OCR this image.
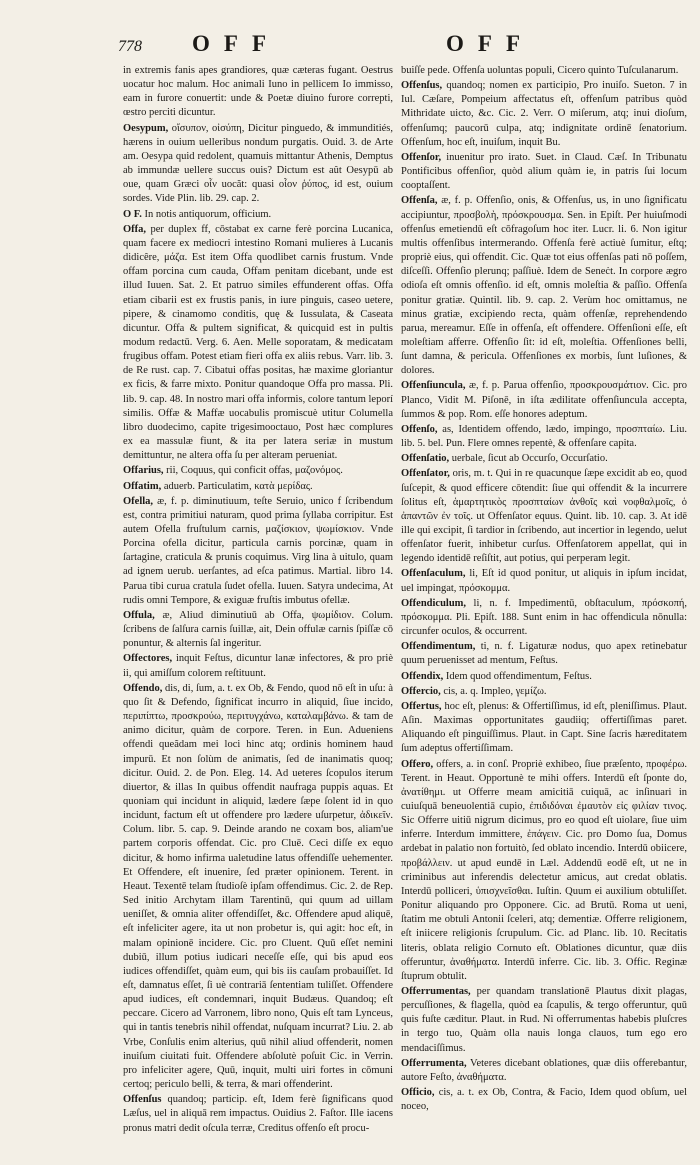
778 OFF	OFF

in extremis fanis apes grandiores, quæ cæteras fugant. Oestrus uocatur hoc malum. Hoc animali Iuno in pellicem Io immisso, eam in furore conuertit: unde & Poetæ diuino furore correpti, œstro perciti dicuntur.

Oesypum, οἴσυπον, οἰσύπη, Dicitur pinguedo, & immunditiés, hærens in ouium uelleribus nondum purgatis. Ouid. 3. de Arte am. Oesypa quid redolent, quamuis mittantur Athenis, Demptus ab immundæ uellere succus ouis? Dictum est aût Oesypū ab oue, quam Græci οἶν uocăt: quasi οἶον ῥύπος, id est, ouium sordes. Vide Plin. lib. 29. cap. 2.

O F. In notis antiquorum, officium.

Offa, per duplex ff, cōstabat ex carne ferè porcina Lucanica, quam facere ex mediocri intestino Romani mulieres à Lucanis didicêre, μάζα. Est item Offa quodlibet carnis frustum. Vnde offam porcina cum cauda, Offam penitam dicebant, unde est illud Iuuen. Sat. 2. Et patruo similes effunderent offas. Offa etiam cibarii est ex frustis panis, in iure pinguis, caseo uetere, pipere, & cinamomo conditis, quę & Iussulata, & Caseata dicuntur. Offa & pultem significat, & quicquid est in pultis modum redactū. Verg. 6. Aen. Melle soporatam, & medicatam frugibus offam. Potest etiam fieri offa ex aliis rebus. Varr. lib. 3. de Re rust. cap. 7. Cibatui offas positas, hæ maxime gloriantur ex ficis, & farre mixto. Ponitur quandoque Offa pro massa. Pli. lib. 9. cap. 48. In nostro mari offa informis, colore tantum leporí similis. Offæ & Maffæ uocabulis promiscuè utitur Columella libro duodecimo, capite trigesimooctauo, Post hæc complures ex ea massulæ fiunt, & ita per latera seriæ in mustum demittuntur, ne altera offa ſu per alteram perueniat.

Offarius, rii, Coquus, qui conficit offas, μαζονόμος.

Offatim, aduerb. Particulatim, κατὰ μερίδας.

Ofella, æ, f. p. diminutiuum, teſte Seruio, unico f ſcribendum est, contra primitiui naturam, quod prima ſyllaba corripitur. Est autem Ofella fruſtulum carnis, μαζίσκιον, ψωμίσκιον. Vnde Porcina ofella dicitur, particula carnis porcinæ, quam in ſartagine, craticula & prunis coquimus. Virg lina à uitulo, quam ad ignem uerub. uerſantes, ad eſca patimus. Martial. libro 14. Parua tibi curua cratula ſudet ofella. Iuuen. Satyra undecima, At rudis omni Tempore, & exiguæ fruſtis imbutus ofellæ.

Offula, æ, Aliud diminutiuū ab Offa, ψωμίδιον. Colum. ſcribens de ſalſura carnis ſuillæ, ait, Dein offulæ carnis ſpiſſæ cō ponuntur, & alternis ſal ingeritur.

Offectores, inquit Feſtus, dicuntur lanæ infectores, & pro priè ii, qui amiſſum colorem reſtituunt.

Offendo, dis, di, ſum, a. t. ex Ob, & Fendo, quod nō eſt in uſu: à quo ſit & Defendo, ſignificat incurro in aliquid, ſiue incido, περιπίπτω, προσκρούω, περιτυγχάνω, καταλαμβάνω. & tam de animo dicitur, quàm de corpore. Teren. in Eun. Adueniens offendi queãdam mei loci hinc atq; ordinis hominem haud impurū. Et non ſolùm de animatis, ſed de inanimatis quoq; dicitur. Ouid. 2. de Pon. Eleg. 14. Ad ueteres ſcopulos iterum diuertor, & illas In quibus offendit naufraga puppis aquas. Et quoniam qui incidunt in aliquid, lædere ſæpe ſolent id in quo incidunt, factum eſt ut offendere pro lædere uſurpetur, ἀδικεῖν. Colum. libr. 5. cap. 9. Deinde arando ne coxam bos, aliam'ue partem corporis offendat. Cic. pro Cluē. Ceci diſſe ex equo dicitur, & homo infirma ualetudine latus offendiſſe uehementer. Et Offendere, eſt inuenire, ſed præter opinionem. Terent. in Heaut. Texentē telam ſtudioſè ipſam offendimus. Cic. 2. de Rep. Sed initio Archytam illam Tarentinū, qui quum ad uillam ueniſſet, & omnia aliter offendiſſet, &c. Offendere apud aliquē, eſt infeliciter agere, ita ut non probetur is, qui agit: hoc eſt, in malam opinionē incidere. Cic. pro Cluent. Quū eſſet nemini dubiū, illum potius iudicari neceſſe eſſe, qui bis apud eos iudices offendiſſet, quàm eum, qui bis iis cauſam probauiſſet. Id eſt, damnatus eſſet, ſi uè contrariā ſententiam tuliſſet. Offendere apud iudices, eſt condemnari, inquit Budæus. Quandoq; eſt peccare. Cicero ad Varronem, libro nono, Quis eſt tam Lynceus, qui in tantis tenebris nihil offendat, nuſquam incurrat? Liu. 2. ab Vrbe, Conſulis enim alterius, quū nihil aliud offenderit, nomen inuiſum ciuitati fuit. Offendere abſolutè poſuit Cic. in Verrin. pro infeliciter agere, Quū, inquit, multi uiri fortes in cōmuni certoq; periculo belli, & terra, & mari offenderint.

Offenſus quandoq; particip. eſt, Idem ferè ſignificans quod Læſus, uel in aliquā rem impactus. Ouidius 2. Faſtor. Ille iacens pronus matri dedit oſcula terræ, Creditus offenſo eſt procu-

buiſſe pede. Offenſa uoluntas populi, Cicero quinto Tuſculanarum.

Offenſus, quandoq; nomen ex participio, Pro inuiſo. Sueton. 7 in Iul. Cæſare, Pompeium affectatus eſt, offenſum patribus quòd Mithridate uicto, &c. Cic. 2. Verr. O miſerum, atq; inui dioſum, offenſumq; paucorū culpa, atq; indignitate ordinē ſenatorium. Offenſum, hoc eſt, inuiſum, inquit Bu.

Offenſor, inuenitur pro irato. Suet. in Claud. Cæſ. In Tribunatu Pontificibus offenſior, quòd alium quàm ie, in patris ſui locum cooptaſſent.

Offenſa, æ, f. p. Offenſio, onis, & Offenſus, us, in uno ſignificatu accipiuntur, προσβολὴ, πρόσκρουσμα. Sen. in Epiſt. Per huiuſmodi offenſus emetiendū eſt cōfragoſum hoc iter. Lucr. li. 6. Non igitur multis offenſibus intermerando. Offenſa ferè actiuè ſumitur, eſtq; propriè eius, qui offendit. Cic. Quæ tot eius offenſas pati nō poſſem, diſceſſi. Offenſio plerunq; paſſiuè. Idem de Seneċt. In corpore ægro odioſa eſt omnis offenſio. id eſt, omnis moleſtia & paſſio. Offenſa ponitur gratiæ. Quintil. lib. 9. cap. 2. Verùm hoc omittamus, ne minus gratiæ, excipiendo recta, quàm offenſæ, reprehendendo parua, mereamur. Eſſe in offenſa, eſt offendere. Offenſioni eſſe, eſt moleſtiam afferre. Offenſio ſit: id eſt, moleſtia. Offenſiones belli, ſunt damna, & pericula. Offenſiones ex morbis, ſunt luſiones, & dolores.

Offenſiuncula, æ, f. p. Parua offenſio, προσκρουσμάτιον. Cic. pro Planco, Vidit M. Piſonē, in iſta ædilitate offenſiuncula accepta, ſummos & pop. Rom. eſſe honores adeptum.

Offenſo, as, Identidem offendo, lædo, impingo, προσπταίω. Liu. lib. 5. bel. Pun. Flere omnes repentè, & offenſare capita.

Offenſatio, uerbale, ſicut ab Occurſo, Occurſatio.

Offenſator, oris, m. t. Qui in re quacunque ſæpe excidit ab eo, quod ſuſcepit, & quod efficere cōtendit: ſiue qui offendit & la incurrere ſolitus eſt, ἁμαρτητικὸς προσπταίων ἀνθοῖς καὶ νοφθαλμοῖς, ὁ ἀπαντῶν ἐν τοῖς. ut Offenſator equus. Quint. lib. 10. cap. 3. At idē ille qui excipit, ſi tardior in ſcribendo, aut incertior in legendo, uelut offenſator fuerit, inhibetur curſus. Offenſatorem appellat, qui in legendo identidē reſiſtit, aut potius, qui perperam legit.

Offenſaculum, li, Eſt id quod ponitur, ut aliquis in ipſum incidat, uel impingat, πρόσκομμα.

Offendiculum, li, n. f. Impedimentū, obſtaculum, πρόσκοπή, πρόσκομμα. Pli. Epiſt. 188. Sunt enim in hac offendicula nōnulla: circunfer oculos, & occurrent.

Offendimentum, ti, n. f. Ligaturæ nodus, quo apex retinebatur quum peruenisset ad mentum, Feſtus.

Offendix, Idem quod offendimentum, Feſtus.

Offercio, cis, a. q. Impleo, γεμίζω.

Offertus, hoc eſt, plenus: & Offertiſſimus, id eſt, pleniſſimus. Plaut. Aſin. Maximas opportunitates gaudiiq; offertiſſimas paret. Aliquando eſt pinguiſſimus. Plaut. in Capt. Sine ſacris hæreditatem ſum adeptus offertiſſimam.

Offero, offers, a. in conſ. Propriè exhibeo, ſiue præſento, προφέρω. Terent. in Heaut. Opportunè te mihi offers. Interdū eſt ſponte do, ἀνατίθημι. ut Offerre meam amicitiā cuiquā, ac inſinuari in cuiuſquā beneuolentiā cupio, ἐπιδιδόναι ἐμαυτὸν εἰς φιλίαν τινος. Sic Offerre uitiū nigrum dicimus, pro eo quod eſt uiolare, ſiue uim inferre. Interdum immittere, ἐπάγειν. Cic. pro Domo ſua, Domus ardebat in palatio non fortuitò, ſed oblato incendio. Interdū obiicere, προβάλλειν. ut apud eundē in Læl. Addendū eodē eſt, ut ne in criminibus aut inferendis delectetur amicus, aut credat oblatis. Interdū polliceri, ὑπισχνεῖσθαι. Iuſtin. Quum ei auxilium obtuliſſet. Ponitur aliquando pro Opponere. Cic. ad Brutū. Roma ut ueni, ſtatim me obtuli Antonii ſceleri, atq; dementiæ. Offerre religionem, eſt iniicere religionis ſcrupulum. Cic. ad Planc. lib. 10. Recitatis literis, oblata religio Cornuto eſt. Oblationes dicuntur, quæ diis offeruntur, ἀναθήματα. Interdū inferre. Cic. lib. 3. Offic. Reginæ ſtuprum obtulit.

Offerrumentas, per quandam translationē Plautus dixit plagas, percuſſiones, & flagella, quòd ea ſcapulis, & tergo offeruntur, quū quis fuſte cæditur. Plaut. in Rud. Ni offerrumentas habebis pluſcres in tergo tuo, Quàm olla nauis longa clauos, tum ego ero mendaciſſimus.

Offerrumenta, Veteres dicebant oblationes, quæ diis offerebantur, autore Feſto, ἀναθήματα.

Officio, cis, a. t. ex Ob, Contra, & Facio, Idem quod obſum, uel noceo,
